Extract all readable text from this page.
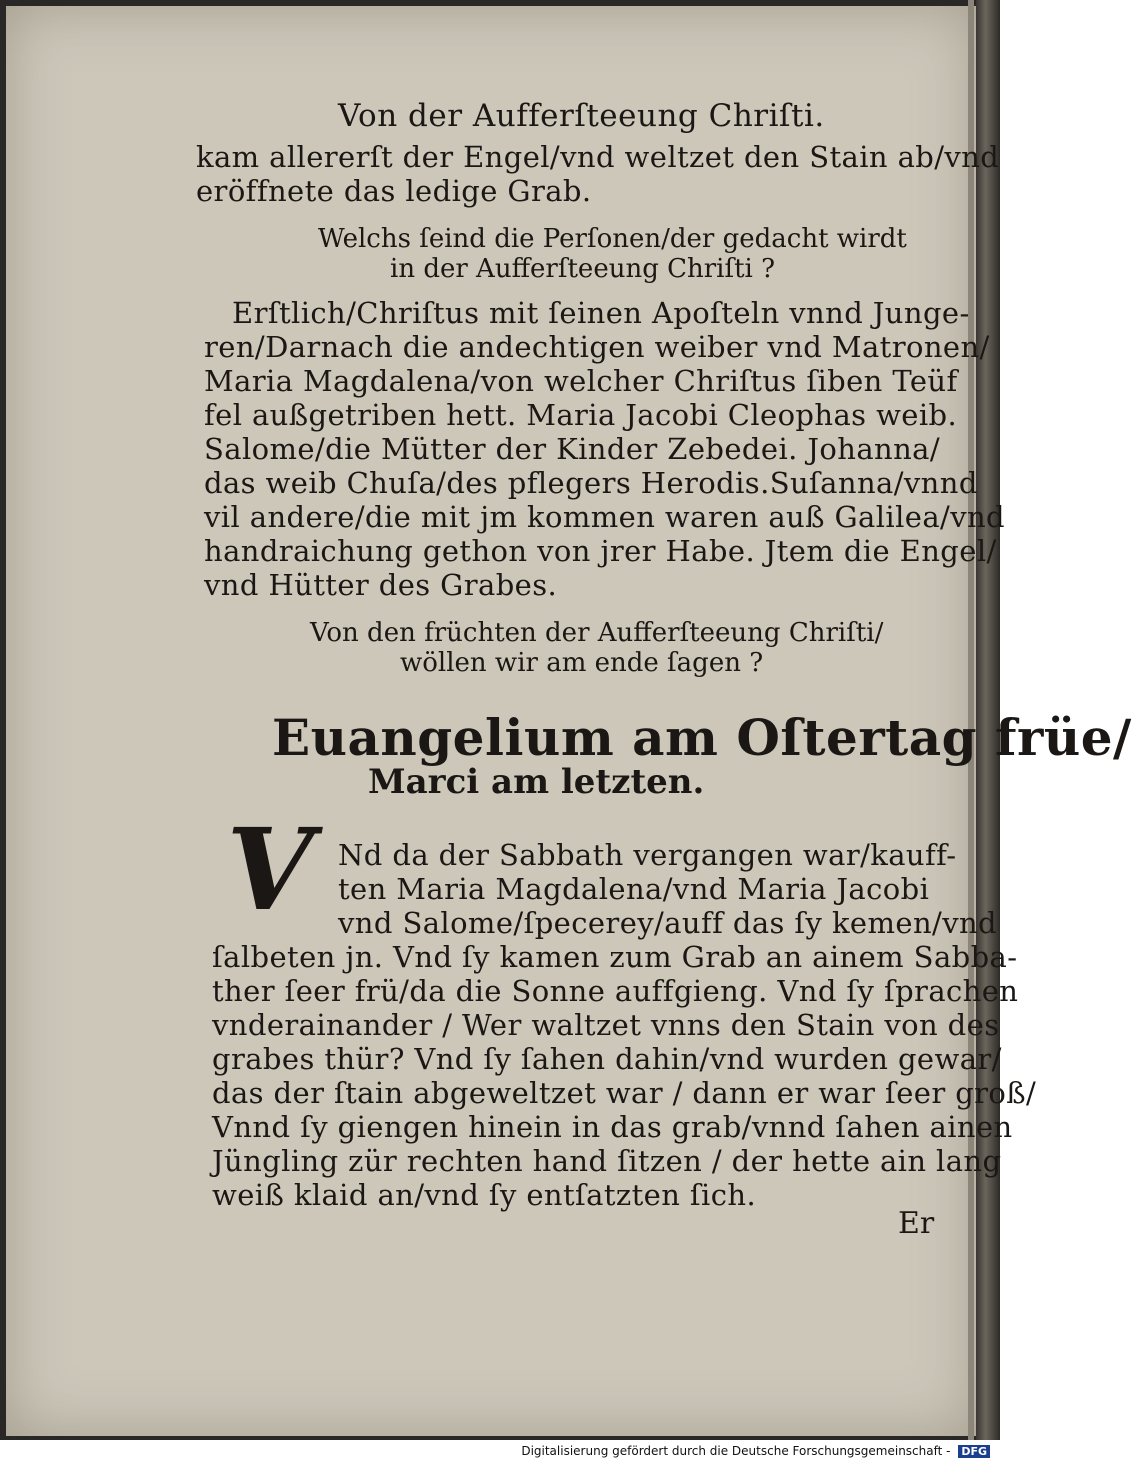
Von der Aufferſteeung Chriſti.
kam allererſt der Engel/vnd weltzet den Stain ab/vnd
eröffnete das ledige Grab.
Welchs ſeind die Perſonen/der gedacht wirdt
in der Aufferſteeung Chriſti ?
Erſtlich/Chriſtus mit ſeinen Apoſteln vnnd Junge-
ren/Darnach die andechtigen weiber vnd Matronen/
Maria Magdalena/von welcher Chriſtus ſiben Teüf
fel außgetriben hett. Maria Jacobi Cleophas weib.
Salome/die Mütter der Kinder Zebedei. Johanna/
das weib Chuſa/des pflegers Herodis.Suſanna/vnnd
vil andere/die mit jm kommen waren auß Galilea/vnd
handraichung gethon von jrer Habe. Jtem die Engel/
vnd Hütter des Grabes.
Von den früchten der Aufferſteeung Chriſti/
wöllen wir am ende ſagen ?
Euangelium am Oſtertag früe/
Marci am letzten.
V Nd da der Sabbath vergangen war/kauff-
ten Maria Magdalena/vnd Maria Jacobi
vnd Salome/ſpecerey/auff das ſy kemen/vnd
ſalbeten jn. Vnd ſy kamen zum Grab an ainem Sabba-
ther ſeer frü/da die Sonne auffgieng. Vnd ſy ſprachen
vnderainander / Wer waltzet vnns den Stain von des
grabes thür? Vnd ſy ſahen dahin/vnd wurden gewar/
das der ſtain abgeweltzet war / dann er war ſeer groß/
Vnnd ſy giengen hinein in das grab/vnnd ſahen ainen
Jüngling zür rechten hand ſitzen / der hette ain lang
weiß klaid an/vnd ſy entſatzten ſich.
Er
Digitalisierung gefördert durch die Deutsche Forschungsgemeinschaft - DFG
